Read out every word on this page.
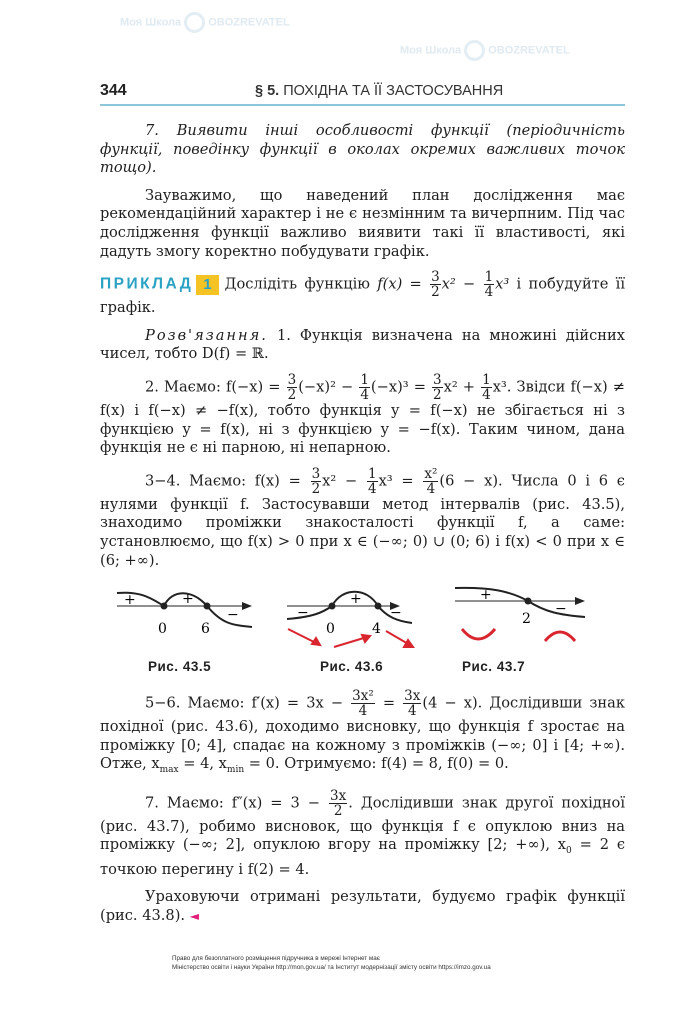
Моя Школа OBOZREVATEL
Моя Школа OBOZREVATEL
344	§ 5. ПОХІДНА ТА ЇЇ ЗАСТОСУВАННЯ
7. Виявити інші особливості функції (періодичність функції, поведінку функції в околах окремих важливих точок тощо).
Зауважимо, що наведений план дослідження має рекомендаційний характер і не є незмінним та вичерпним. Під час дослідження функції важливо виявити такі її властивості, які дадуть змогу коректно побудувати графік.
ПРИКЛАД 1 Дослідіть функцію $f(x) = \frac{3}{2} x^2 - \frac{1}{4} x^3$ і побудуйте її графік.
Розв'язання. 1. Функція визначена на множині дійсних чисел, тобто D(f) = ℝ.
2. Маємо: $f(-x) = \frac{3}{2} (-x)^2 - \frac{1}{4} (-x)^3 = \frac{3}{2} x^2 + \frac{1}{4} x^3$. Звідси f(−x) ≠ f(x) і f(−x) ≠ −f(x), тобто функція y = f(−x) не збігається ні з функцією y = f(x), ні з функцією y = −f(x). Таким чином, дана функція не є ні парною, ні непарною.
3−4. Маємо: $f(x) = \frac{3}{2} x^2 - \frac{1}{4} x^3 = \frac{\text{x²}}{4} (6 - x)$. Числа 0 і 6 є нулями функції f. Застосувавши метод інтервалів (рис. 43.5), знаходимо проміжки знакосталості функції f, а саме: установлюємо, що f(x) > 0 при x ∈ (−∞; 0) ∪ (0; 6) і f(x) < 0 при x ∈ (6; +∞).
+	+
−
0 6
−
+
−
0	4
+
−
2
Рис. 43.5	Рис. 43.6	Рис. 43.7
5−6. Маємо: $f'(x) = 3x - \frac{\text{3x²}}{4} = \frac{3x}{4} (4 - x)$. Дослідивши знак похідної (рис. 43.6), доходимо висновку, що функція f зростає на проміжку [0; 4], спадає на кожному з проміжків (−∞; 0] і [4; +∞). Отже, $x_{max} = 4$, $x_{min} = 0$. Отримуємо: f(4) = 8, f(0) = 0.
7. Маємо: $f''(x) = 3 - \frac{3x}{2}$ . Дослідивши знак другої похідної (рис. 43.7), робимо висновок, що функція f є опуклою вниз на проміжку (−∞; 2], опуклою вгору на проміжку [2; +∞), $x_0 = 2$ є точкою перегину і f(2) = 4.
Ураховуючи отримані результати, будуємо графік функції (рис. 43.8). ◄
Право для безоплатного розміщення підручника в мережі Інтернет має
Міністерство освіти і науки України http://mon.gov.ua/ та Інститут модернізації змісту освіти https://imzo.gov.ua
